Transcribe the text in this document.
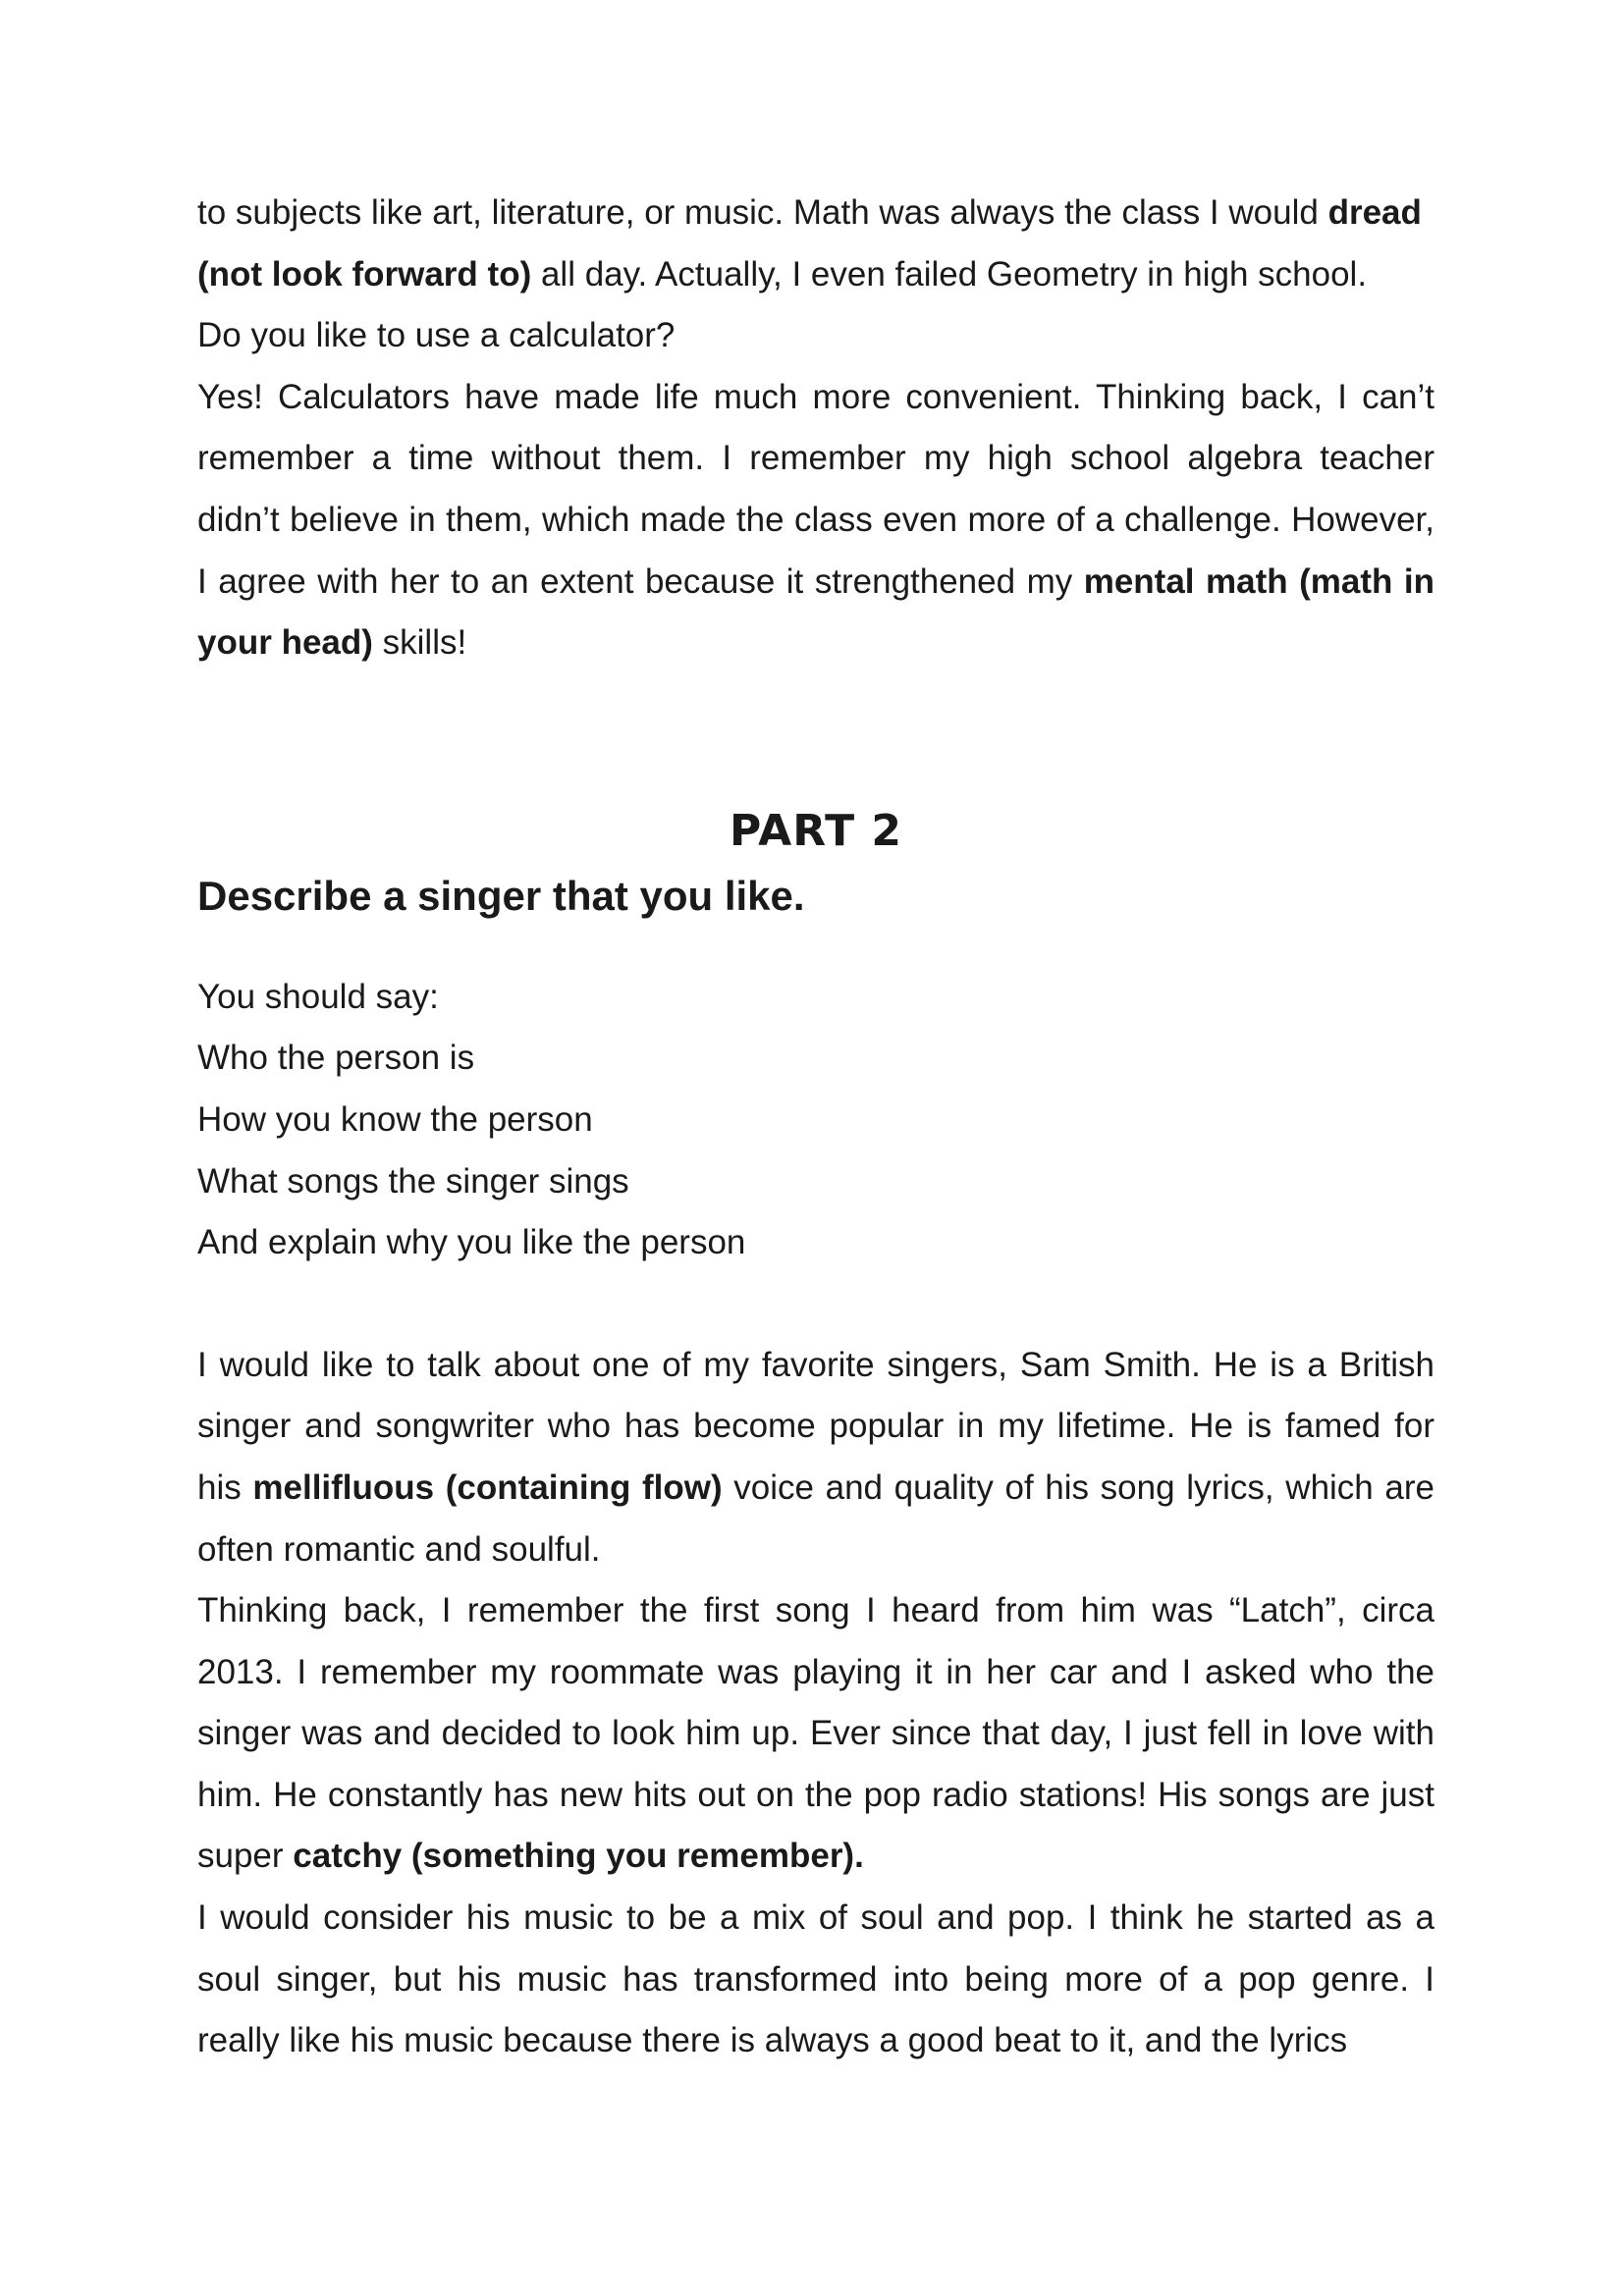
to subjects like art, literature, or music. Math was always the class I would dread (not look forward to) all day. Actually, I even failed Geometry in high school.

Do you like to use a calculator?

Yes! Calculators have made life much more convenient. Thinking back, I can’t remember a time without them. I remember my high school algebra teacher didn’t believe in them, which made the class even more of a challenge. However, I agree with her to an extent because it strengthened my mental math (math in your head) skills!

PART 2
Describe a singer that you like.

You should say:

Who the person is

How you know the person

What songs the singer sings

And explain why you like the person

I would like to talk about one of my favorite singers, Sam Smith. He is a British singer and songwriter who has become popular in my lifetime. He is famed for his mellifluous (containing flow) voice and quality of his song lyrics, which are often romantic and soulful.

Thinking back, I remember the first song I heard from him was “Latch”, circa 2013. I remember my roommate was playing it in her car and I asked who the singer was and decided to look him up. Ever since that day, I just fell in love with him. He constantly has new hits out on the pop radio stations! His songs are just super catchy (something you remember).

I would consider his music to be a mix of soul and pop. I think he started as a soul singer, but his music has transformed into being more of a pop genre. I really like his music because there is always a good beat to it, and the lyrics
